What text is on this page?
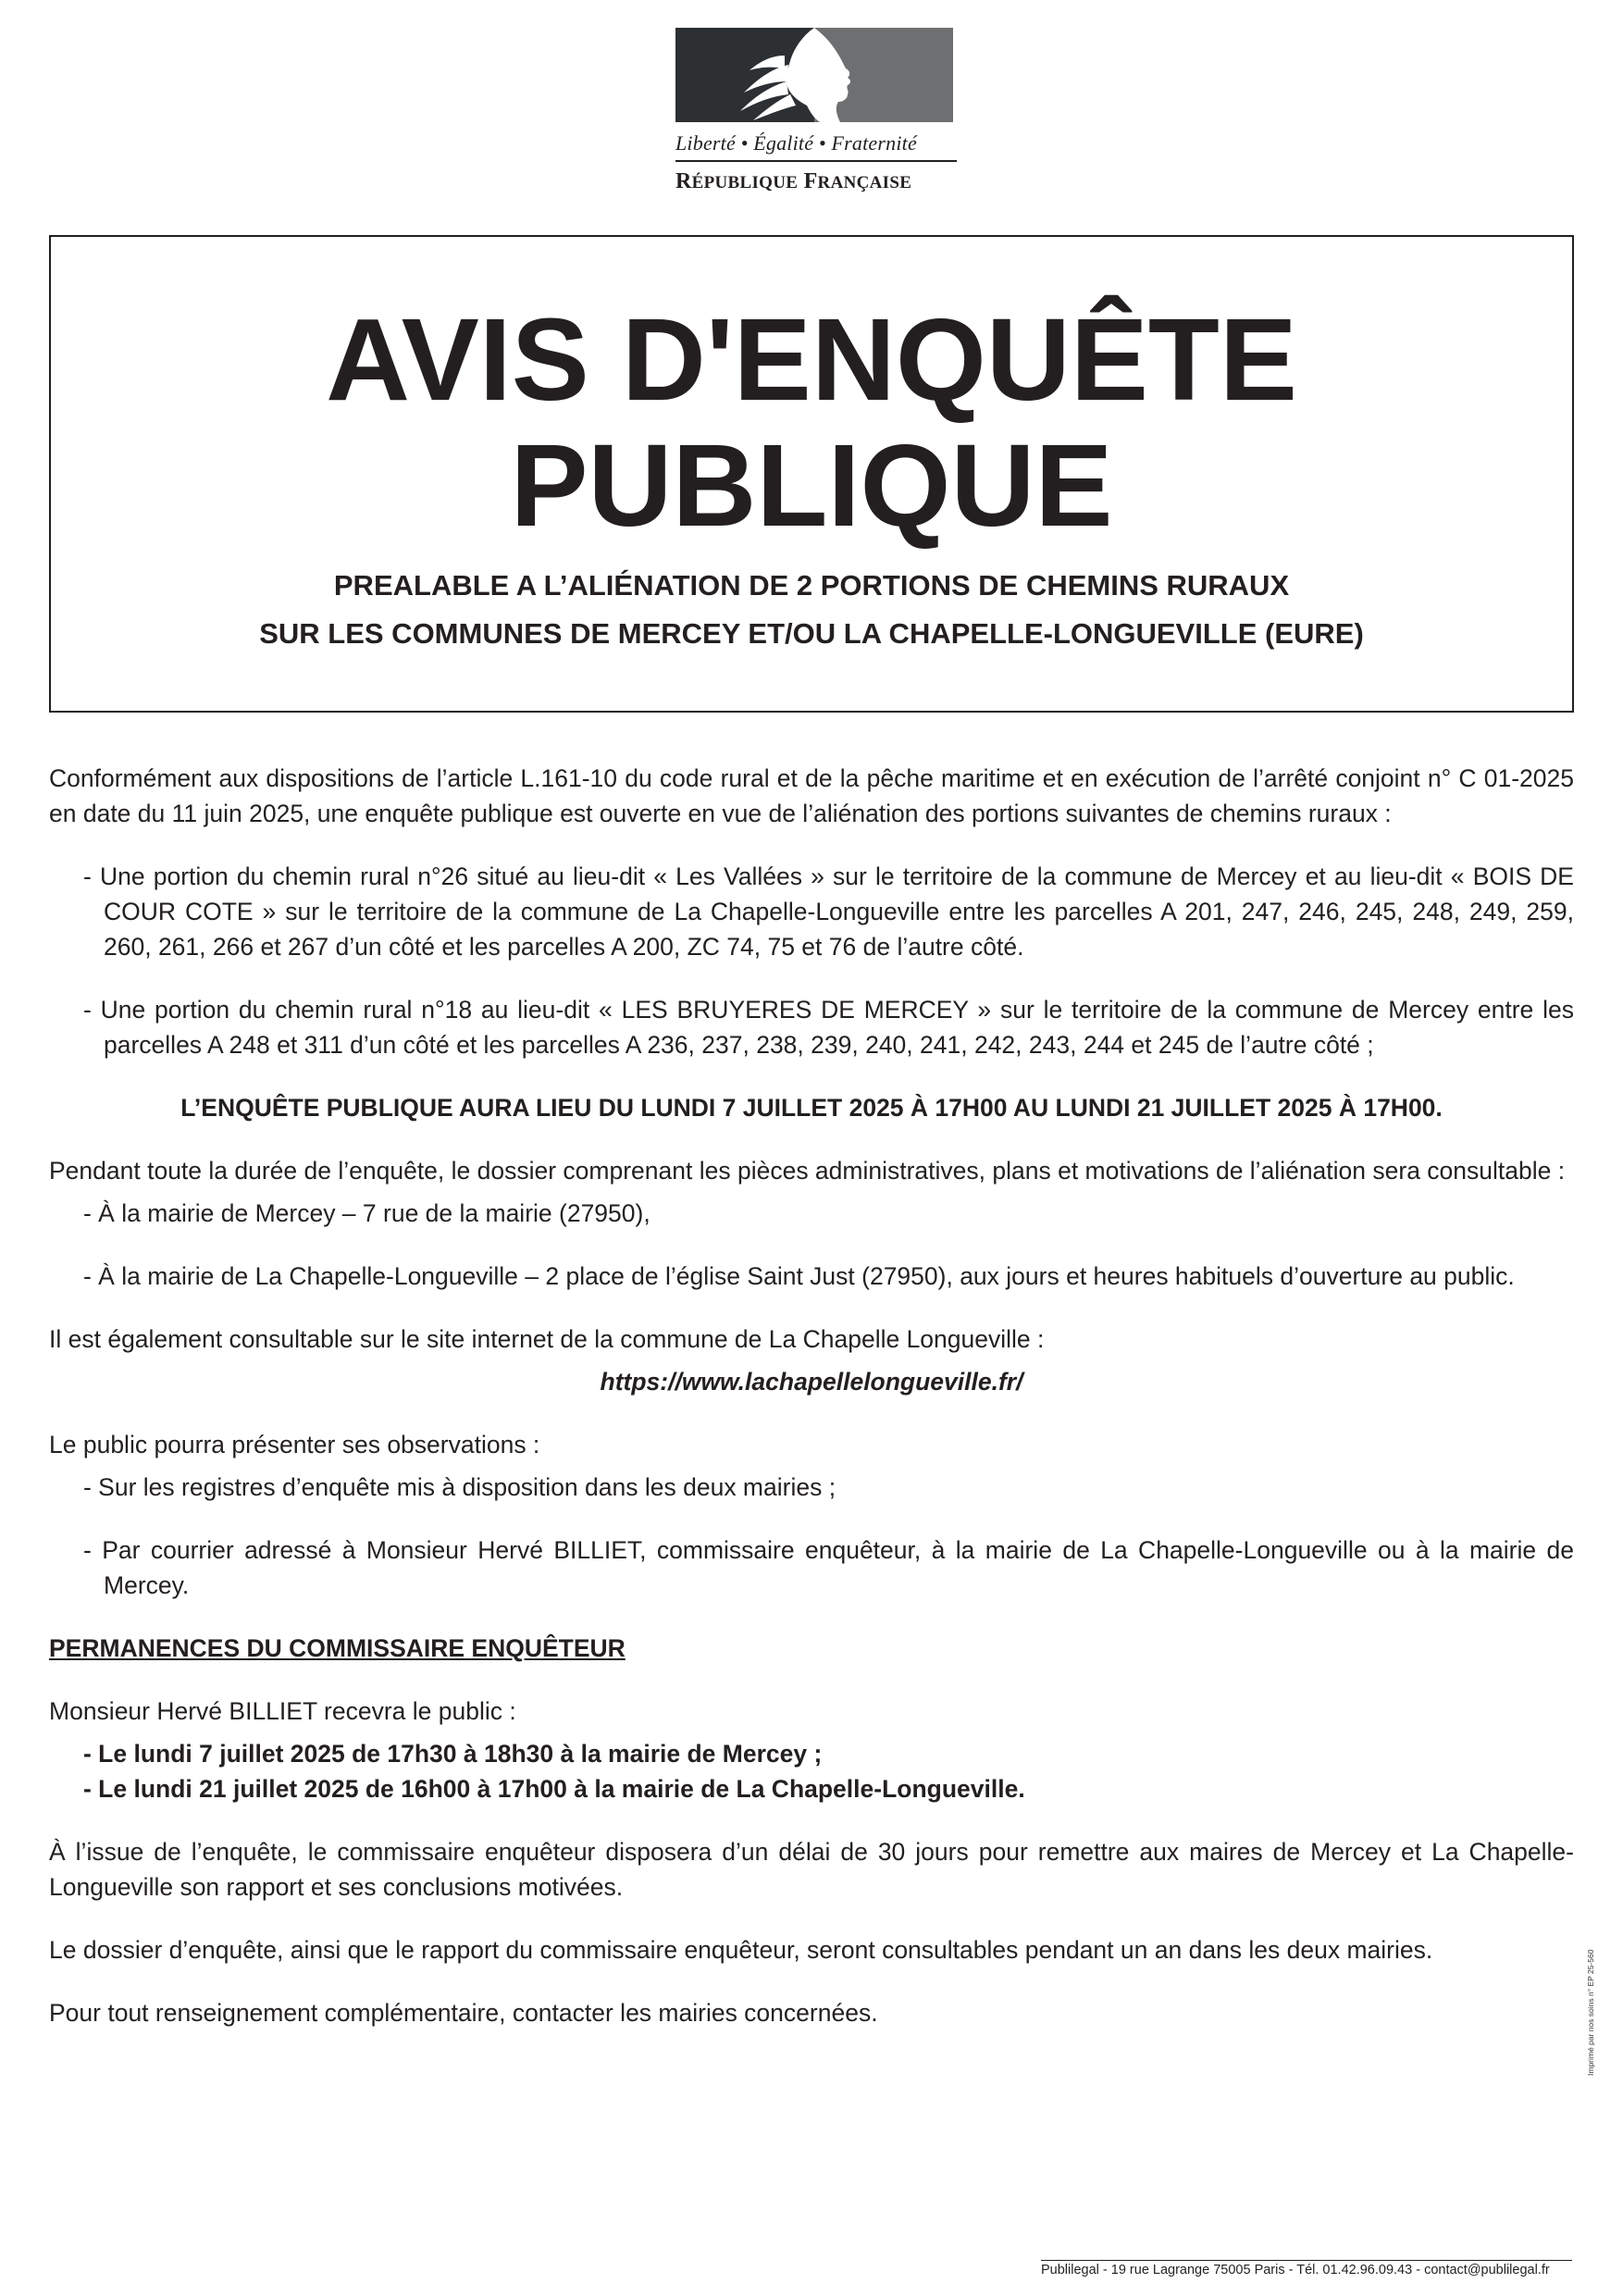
Liberté • Égalité • Fraternité
RÉPUBLIQUE FRANÇAISE
AVIS D'ENQUÊTE
PUBLIQUE
PREALABLE A L’ALIÉNATION DE 2 PORTIONS DE CHEMINS RURAUX
SUR LES COMMUNES DE MERCEY ET/OU LA CHAPELLE-LONGUEVILLE (EURE)

Conformément aux dispositions de l’article L.161-10 du code rural et de la pêche maritime et en exécution de l’arrêté conjoint n° C 01-2025 en date du 11 juin 2025, une enquête publique est ouverte en vue de l’aliénation des portions suivantes de chemins ruraux :

- Une portion du chemin rural n°26 situé au lieu-dit « Les Vallées » sur le territoire de la commune de Mercey et au lieu-dit « BOIS DE COUR COTE » sur le territoire de la commune de La Chapelle-Longueville entre les parcelles A 201, 247, 246, 245, 248, 249, 259, 260, 261, 266 et 267 d’un côté et les parcelles A 200, ZC 74, 75 et 76 de l’autre côté.

- Une portion du chemin rural n°18 au lieu-dit « LES BRUYERES DE MERCEY » sur le territoire de la commune de Mercey entre les parcelles A 248 et 311 d’un côté et les parcelles A 236, 237, 238, 239, 240, 241, 242, 243, 244 et 245 de l’autre côté ;

L’ENQUÊTE PUBLIQUE AURA LIEU DU LUNDI 7 JUILLET 2025 À 17H00 AU LUNDI 21 JUILLET 2025 À 17H00.

Pendant toute la durée de l’enquête, le dossier comprenant les pièces administratives, plans et motivations de l’aliénation sera consultable :

- À la mairie de Mercey – 7 rue de la mairie (27950),

- À la mairie de La Chapelle-Longueville – 2 place de l’église Saint Just (27950), aux jours et heures habituels d’ouverture au public.

Il est également consultable sur le site internet de la commune de La Chapelle Longueville :

https://www.lachapellelongueville.fr/

Le public pourra présenter ses observations :

- Sur les registres d’enquête mis à disposition dans les deux mairies ;

- Par courrier adressé à Monsieur Hervé BILLIET, commissaire enquêteur, à la mairie de La Chapelle-Longueville ou à la mairie de Mercey.

PERMANENCES DU COMMISSAIRE ENQUÊTEUR

Monsieur Hervé BILLIET recevra le public :

- Le lundi 7 juillet 2025 de 17h30 à 18h30 à la mairie de Mercey ;

- Le lundi 21 juillet 2025 de 16h00 à 17h00 à la mairie de La Chapelle-Longueville.

À l’issue de l’enquête, le commissaire enquêteur disposera d’un délai de 30 jours pour remettre aux maires de Mercey et La Chapelle-Longueville son rapport et ses conclusions motivées.

Le dossier d’enquête, ainsi que le rapport du commissaire enquêteur, seront consultables pendant un an dans les deux mairies.

Pour tout renseignement complémentaire, contacter les mairies concernées.

Publilegal - 19 rue Lagrange 75005 Paris - Tél. 01.42.96.09.43 - contact@publilegal.fr
Imprimé par nos soins n° EP 25-560
